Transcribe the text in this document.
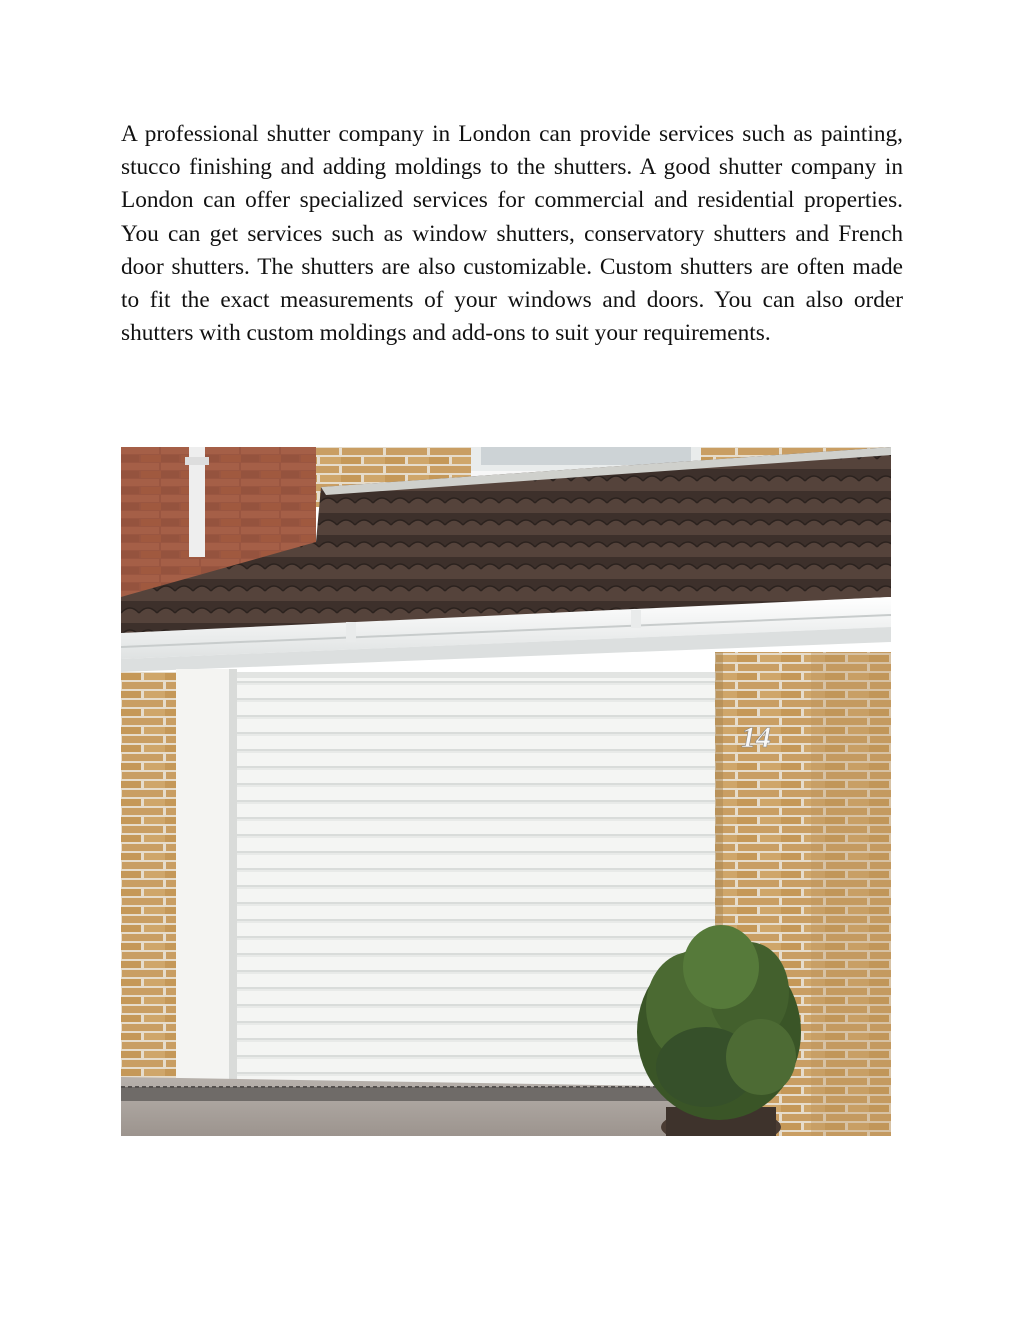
A professional shutter company in London can provide services such as painting, stucco finishing and adding moldings to the shutters. A good shutter company in London can offer specialized services for commercial and residential properties. You can get services such as window shutters, conservatory shutters and French door shutters. The shutters are also customizable. Custom shutters are often made to fit the exact measurements of your windows and doors. You can also order shutters with custom moldings and add-ons to suit your requirements.

14
